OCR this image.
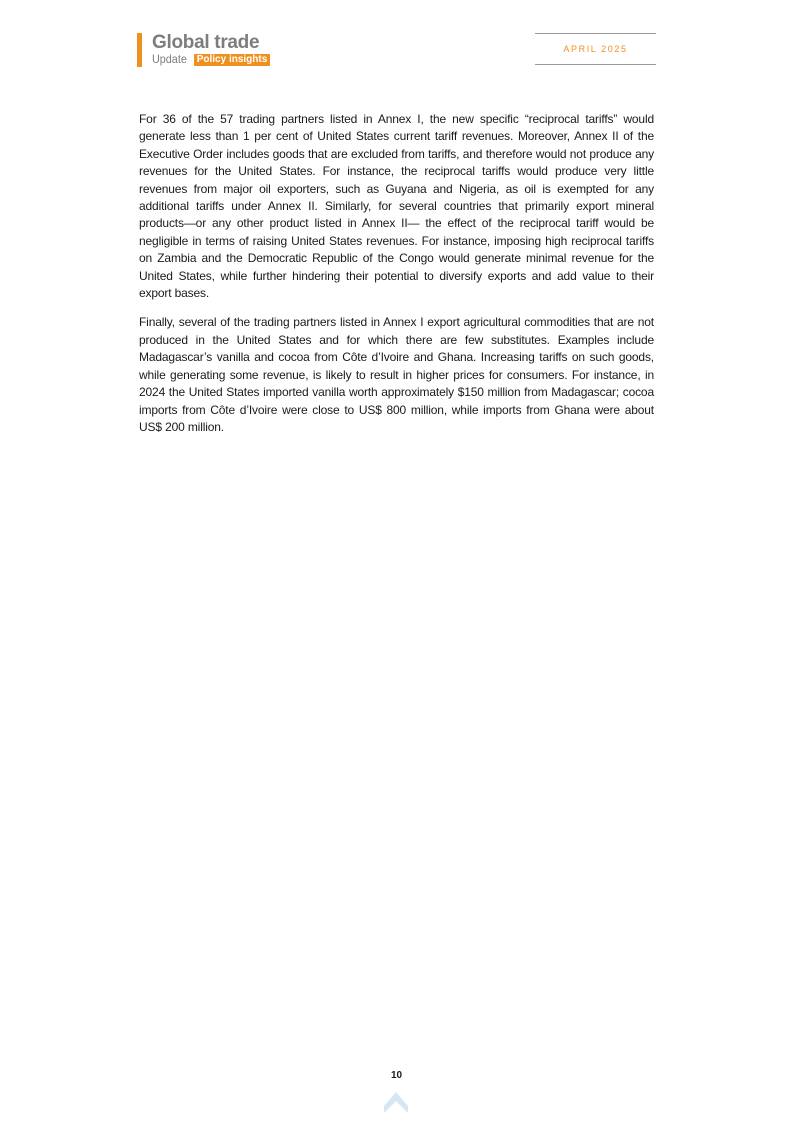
Global trade
Update Policy insights
APRIL 2025

For 36 of the 57 trading partners listed in Annex I, the new specific “reciprocal tariffs” would generate less than 1 per cent of United States current tariff revenues. Moreover, Annex II of the Executive Order includes goods that are excluded from tariffs, and therefore would not produce any revenues for the United States. For instance, the reciprocal tariffs would produce very little revenues from major oil exporters, such as Guyana and Nigeria, as oil is exempted for any additional tariffs under Annex II. Similarly, for several countries that primarily export mineral products—or any other product listed in Annex II— the effect of the reciprocal tariff would be negligible in terms of raising United States revenues. For instance, imposing high reciprocal tariffs on Zambia and the Democratic Republic of the Congo would generate minimal revenue for the United States, while further hindering their potential to diversify exports and add value to their export bases.

Finally, several of the trading partners listed in Annex I export agricultural commodities that are not produced in the United States and for which there are few substitutes. Examples include Madagascar’s vanilla and cocoa from Côte d’Ivoire and Ghana. Increasing tariffs on such goods, while generating some revenue, is likely to result in higher prices for consumers. For instance, in 2024 the United States imported vanilla worth approximately $150 million from Madagascar; cocoa imports from Côte d’Ivoire were close to US$ 800 million, while imports from Ghana were about US$ 200 million.

10
